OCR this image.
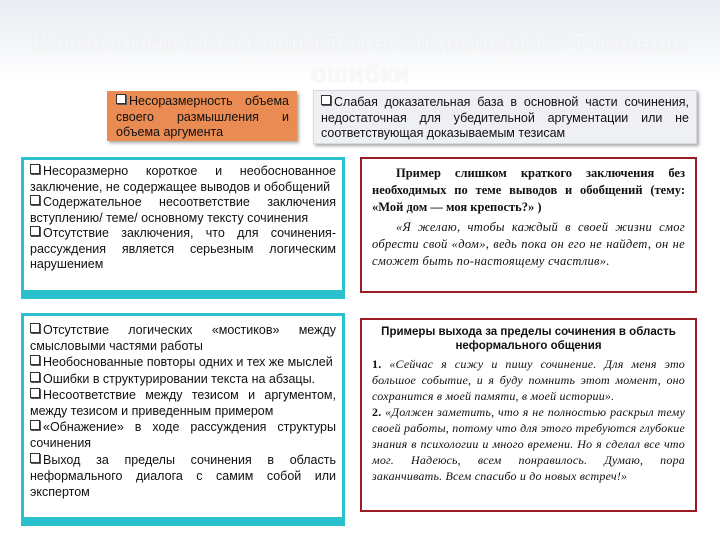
Какие логические ошибки в заключении? Речевые ошибки
Несоразмерность объема своего размышления и объема аргумента
Слабая доказательная база в основной части сочинения, недостаточная для убедительной аргументации или не соответствующая доказываемым тезисам
Несоразмерно короткое и необоснованное заключение, не содержащее выводов и обобщений
Содержательное несоответствие заключения вступлению/ теме/ основному тексту сочинения
Отсутствие заключения, что для сочинения-рассуждения является серьезным логическим нарушением
Пример слишком краткого заключения без необходимых по теме выводов и обобщений (тему: «Мой дом — моя крепость?» )
«Я желаю, чтобы каждый в своей жизни смог обрести свой «дом», ведь пока он его не найдет, он не сможет быть по-настоящему счастлив».
Отсутствие логических «мостиков» между смысловыми частями работы
Необоснованные повторы одних и тех же мыслей
Ошибки в структурировании текста на абзацы.
Несоответствие между тезисом и аргументом, между тезисом и приведенным примером
«Обнажение» в ходе рассуждения структуры сочинения
Выход за пределы сочинения в область неформального диалога с самим собой или экспертом
Примеры выхода за пределы сочинения в область неформального общения
1. «Сейчас я сижу и пишу сочинение. Для меня это большое событие, и я буду помнить этот момент, оно сохранится в моей памяти, в моей истории».
2. «Должен заметить, что я не полностью раскрыл тему своей работы, потому что для этого требуются глубокие знания в психологии и много времени. Но я сделал все что мог. Надеюсь, всем понравилось. Думаю, пора заканчивать. Всем спасибо и до новых встреч!»
